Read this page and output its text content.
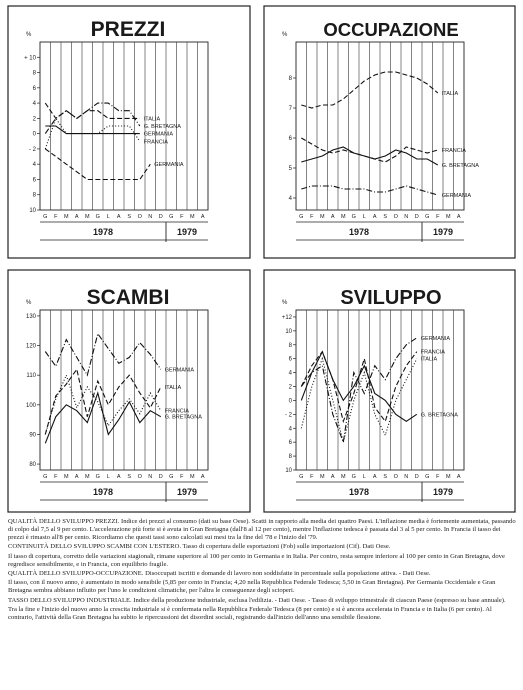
PREZZI
+ 10
8
6
4
2
0
- 2
4
6
8
10
%
G F M A M G L A S O N D G F M A
1978	1979
G. BRETAGNA
ITALIA
FRANCIA
GERMANIA
GERMANIA
OCCUPAZIONE
8
7
6
5
4
%
G F M A M G L A S O N D G F M A
1978	1979
ITALIA
FRANCIA
G. BRETAGNA
GERMANIA
SCAMBI
130
120
110
100
90
80
%
G F M A M G L A S O N D G F M A
1978	1979
GERMANIA
ITALIA
FRANCIA
G. BRETAGNA
SVILUPPO
+12
10
8
6
4
2
0
- 2
4
6
8
10
%
G F M A M G L A S O N D G F M A
1978	1979
GERMANIA
FRANCIA
ITALIA
G. BRETAGNA

QUALITÀ DELLO SVILUPPO PREZZI. Indice dei prezzi al consumo (dati su base Oese). Scatti in rapporto alla media dei quattro Paesi. L'inflazione media è fortemente aumentata, passando di colpo dal 7,5 al 9 per cento. L'accelerazione più forte si è avuta in Gran Bretagna (dall'8 al 12 per cento), mentre l'inflazione tedesca è passata dal 3 al 5 per cento. In Francia il tasso dei prezzi è rimasto all'8 per cento. Ricordiamo che questi tassi sono calcolati sui mesi tra la fine del '78 e l'inizio del '79.

CONTINUITÀ DELLO SVILUPPO SCAMBI CON L'ESTERO. Tasso di copertura delle esportazioni (Fob) sulle importazioni (Cif). Dati Oese.

Il tasso di copertura, corretto delle variazioni stagionali, rimane superiore al 100 per cento in Germania e in Italia. Per contro, resta sempre inferiore al 100 per cento in Gran Bretagna, dove regredisce sensibilmente, e in Francia, con equilibrio fragile.

QUALITÀ DELLO SVILUPPO-OCCUPAZIONE. Disoccupati iscritti e domande di lavoro non soddisfatte in percentuale sulla popolazione attiva. - Dati Oese.

Il tasso, con il nuovo anno, è aumentato in modo sensibile (5,85 per cento in Francia; 4,20 nella Repubblica Federale Tedesca; 5,50 in Gran Bretagna). Per Germania Occidentale e Gran Bretagna sembra abbiano influito per l'uno le condizioni climatiche, per l'altra le conseguenze degli scioperi.

TASSO DELLO SVILUPPO INDUSTRIALE. Indice della produzione industriale, esclusa l'edilizia. - Dati Oese. - Tasso di sviluppo trimestrale di ciascun Paese (espresso su base annuale).

Tra la fine e l'inizio del nuovo anno la crescita industriale si è confermata nella Repubblica Federale Tedesca (8 per cento) e si è ancora accelerata in Francia e in Italia (6 per cento). Al contrario, l'attività della Gran Bretagna ha subito le ripercussioni dei disordini sociali, registrando dall'inizio dell'anno una sensibile flessione.
